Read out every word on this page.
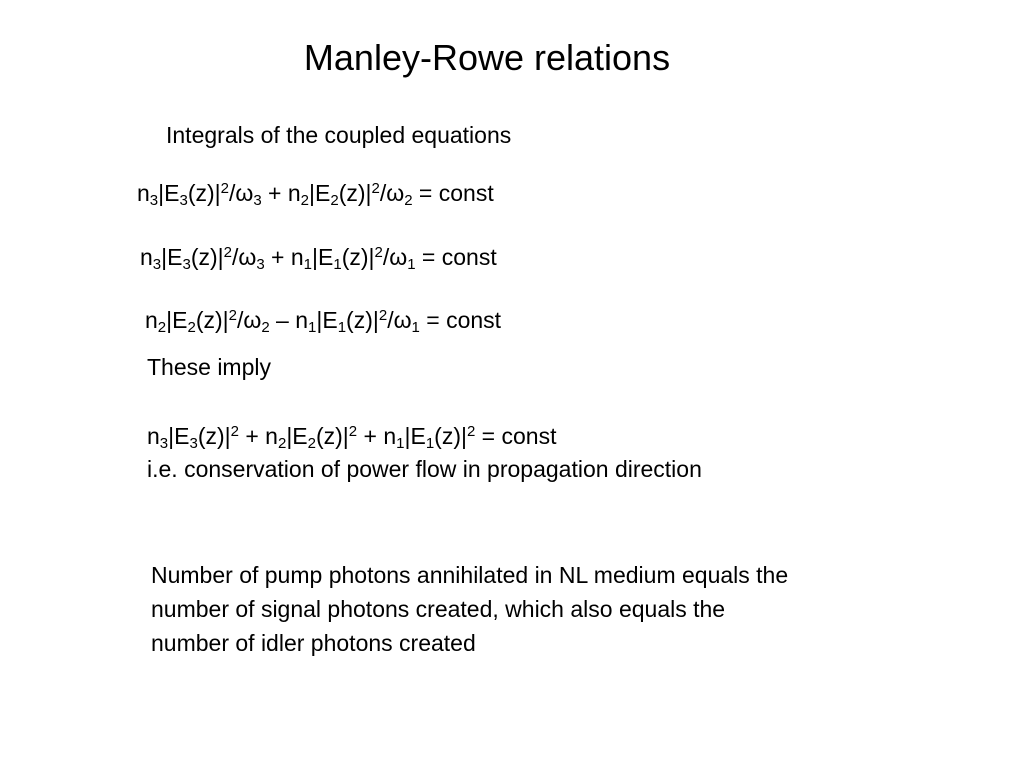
Manley-Rowe relations
Integrals of the coupled equations
$n_3|E_3(z)|^2/\omega_3 + n_2|E_2(z)|^2/\omega_2$ = const
$n_3|E_3(z)|^2/\omega_3 + n_1|E_1(z)|^2/\omega_1$ = const
$n_2|E_2(z)|^2/\omega_2 - n_1|E_1(z)|^2/\omega_1$ = const
These imply
$n_3|E_3(z)|^2 + n_2|E_2(z)|^2 + n_1|E_1(z)|^2$ = const
i.e. conservation of power flow in propagation direction
Number of pump photons annihilated in NL medium equals the
number of signal photons created, which also equals the
number of idler photons created
